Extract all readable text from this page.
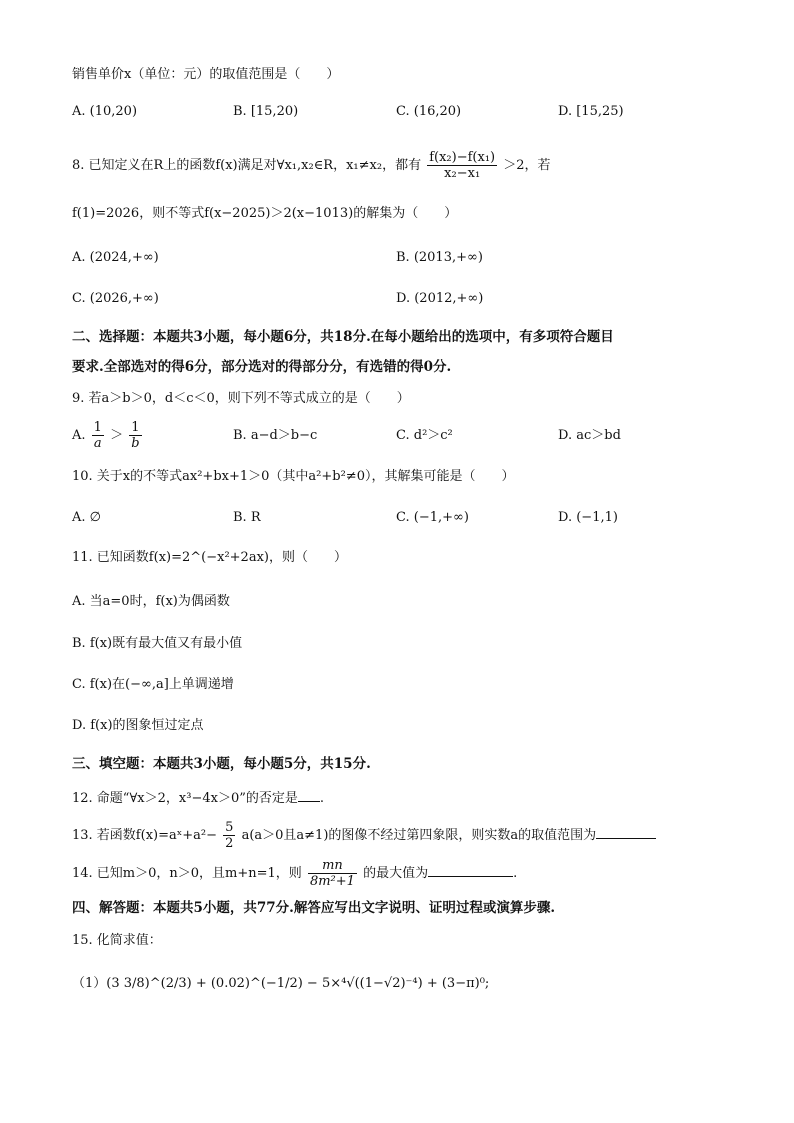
销售单价x（单位：元）的取值范围是（　　）
A. (10,20)	B. [15,20)	C. (16,20)	D. [15,25)
8. 已知定义在R上的函数f(x)满足对∀x₁,x₂∈R，x₁≠x₂，都有 $\frac{\text{f(x₂)−f(x₁)}}{\text{x₂−x₁}} >2$，若
f(1)=2026，则不等式f(x−2025)＞2(x−1013)的解集为（　　）
A. (2024,+∞)	B. (2013,+∞)
C. (2026,+∞)	D. (2012,+∞)
二、选择题：本题共3小题，每小题6分，共18分.在每小题给出的选项中，有多项符合题目
要求.全部选对的得6分，部分选对的得部分分，有选错的得0分.
9. 若a＞b＞0，d＜c＜0，则下列不等式成立的是（　　）
A. $\frac{1}{a} > \frac{1}{b}$	B. a−d＞b−c	C. d²＞c²	D. ac＞bd
10. 关于x的不等式ax²+bx+1＞0（其中a²+b²≠0），其解集可能是（　　）
A. ∅	B. R	C. (−1,+∞)	D. (−1,1)
11. 已知函数f(x)=2^(−x²+2ax)，则（　　）
A. 当a=0时，f(x)为偶函数
B. f(x)既有最大值又有最小值
C. f(x)在(−∞,a]上单调递增
D. f(x)的图象恒过定点
三、填空题：本题共3小题，每小题5分，共15分.
12. 命题“∀x＞2，x³−4x＞0”的否定是 .
13. 若函数f(x)=aˣ+a²− $\frac{5}{2} a(a>0$且a≠1)的图像不经过第四象限，则实数a的取值范围为
14. 已知m＞0，n＞0，且m+n=1，则 $\frac{mn}{\text{8m²+1}}$ 的最大值为	.
四、解答题：本题共5小题，共77分.解答应写出文字说明、证明过程或演算步骤.
15. 化简求值：
（1）(3 3/8)^(2/3) + (0.02)^(−1/2) − 5×⁴√((1−√2)⁻⁴) + (3−π)⁰;
